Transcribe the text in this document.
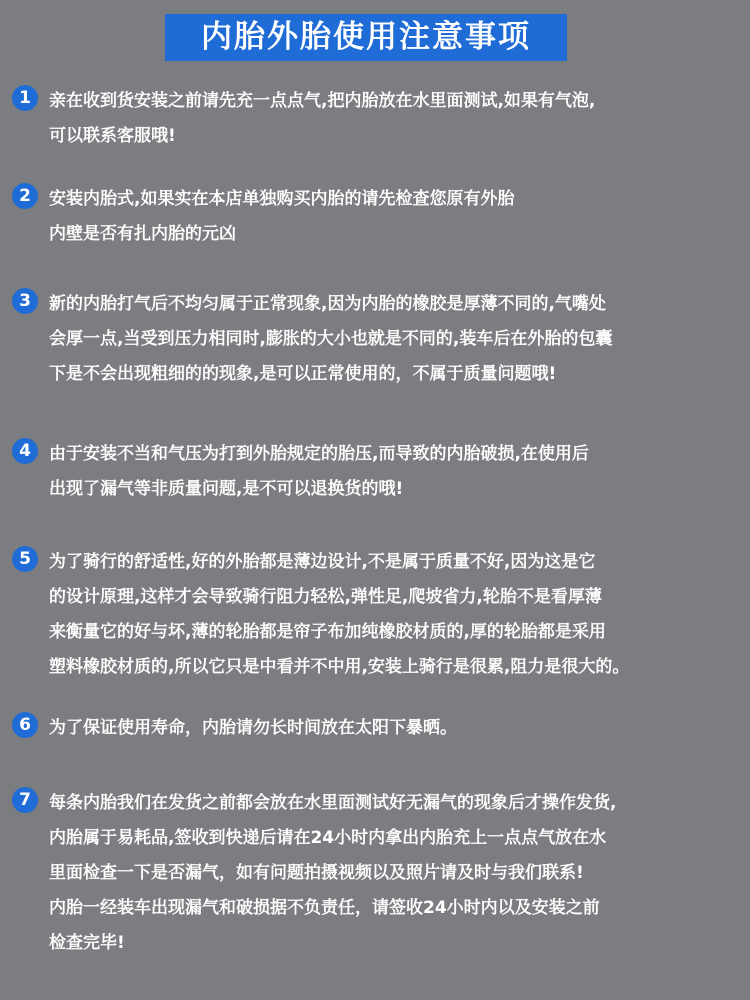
内胎外胎使用注意事项
1	亲在收到货安装之前请先充一点点气,把内胎放在水里面测试,如果有气泡,
可以联系客服哦!

2	安装内胎式,如果实在本店单独购买内胎的请先检查您原有外胎
内壁是否有扎内胎的元凶

3	新的内胎打气后不均匀属于正常现象,因为内胎的橡胶是厚薄不同的,气嘴处
会厚一点,当受到压力相同时,膨胀的大小也就是不同的,装车后在外胎的包囊
下是不会出现粗细的的现象,是可以正常使用的，不属于质量问题哦!

4	由于安装不当和气压为打到外胎规定的胎压,而导致的内胎破损,在使用后
出现了漏气等非质量问题,是不可以退换货的哦!

5	为了骑行的舒适性,好的外胎都是薄边设计,不是属于质量不好,因为这是它
的设计原理,这样才会导致骑行阻力轻松,弹性足,爬坡省力,轮胎不是看厚薄
来衡量它的好与坏,薄的轮胎都是帘子布加纯橡胶材质的,厚的轮胎都是采用
塑料橡胶材质的,所以它只是中看并不中用,安装上骑行是很累,阻力是很大的。

6	为了保证使用寿命，内胎请勿长时间放在太阳下暴晒。

7	每条内胎我们在发货之前都会放在水里面测试好无漏气的现象后才操作发货,
内胎属于易耗品,签收到快递后请在24小时内拿出内胎充上一点点气放在水
里面检查一下是否漏气，如有问题拍摄视频以及照片请及时与我们联系!
内胎一经装车出现漏气和破损据不负责任，请签收24小时内以及安装之前
检查完毕!
